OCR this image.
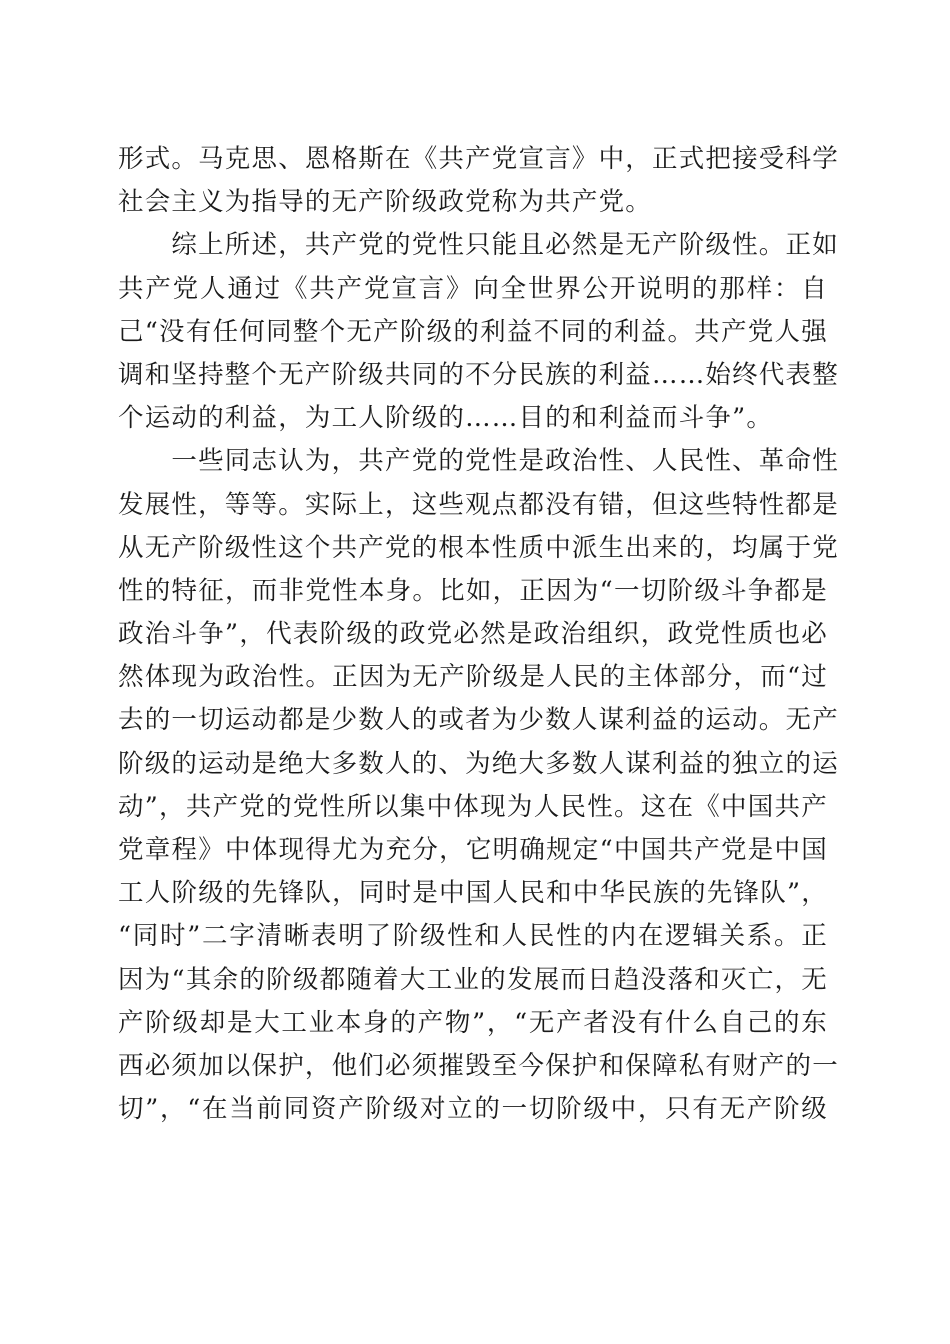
形式。马克思、恩格斯在《共产党宣言》中，正式把接受科学
社会主义为指导的无产阶级政党称为共产党。
　　综上所述，共产党的党性只能且必然是无产阶级性。正如
共产党人通过《共产党宣言》向全世界公开说明的那样：自
己“没有任何同整个无产阶级的利益不同的利益。共产党人强
调和坚持整个无产阶级共同的不分民族的利益……始终代表整
个运动的利益，为工人阶级的……目的和利益而斗争”。
　　一些同志认为，共产党的党性是政治性、人民性、革命性
发展性，等等。实际上，这些观点都没有错，但这些特性都是
从无产阶级性这个共产党的根本性质中派生出来的，均属于党
性的特征，而非党性本身。比如，正因为“一切阶级斗争都是
政治斗争”，代表阶级的政党必然是政治组织，政党性质也必
然体现为政治性。正因为无产阶级是人民的主体部分，而“过
去的一切运动都是少数人的或者为少数人谋利益的运动。无产
阶级的运动是绝大多数人的、为绝大多数人谋利益的独立的运
动”，共产党的党性所以集中体现为人民性。这在《中国共产
党章程》中体现得尤为充分，它明确规定“中国共产党是中国
工人阶级的先锋队，同时是中国人民和中华民族的先锋队”，
“同时”二字清晰表明了阶级性和人民性的内在逻辑关系。正
因为“其余的阶级都随着大工业的发展而日趋没落和灭亡，无
产阶级却是大工业本身的产物”，“无产者没有什么自己的东
西必须加以保护，他们必须摧毁至今保护和保障私有财产的一
切”，“在当前同资产阶级对立的一切阶级中，只有无产阶级
